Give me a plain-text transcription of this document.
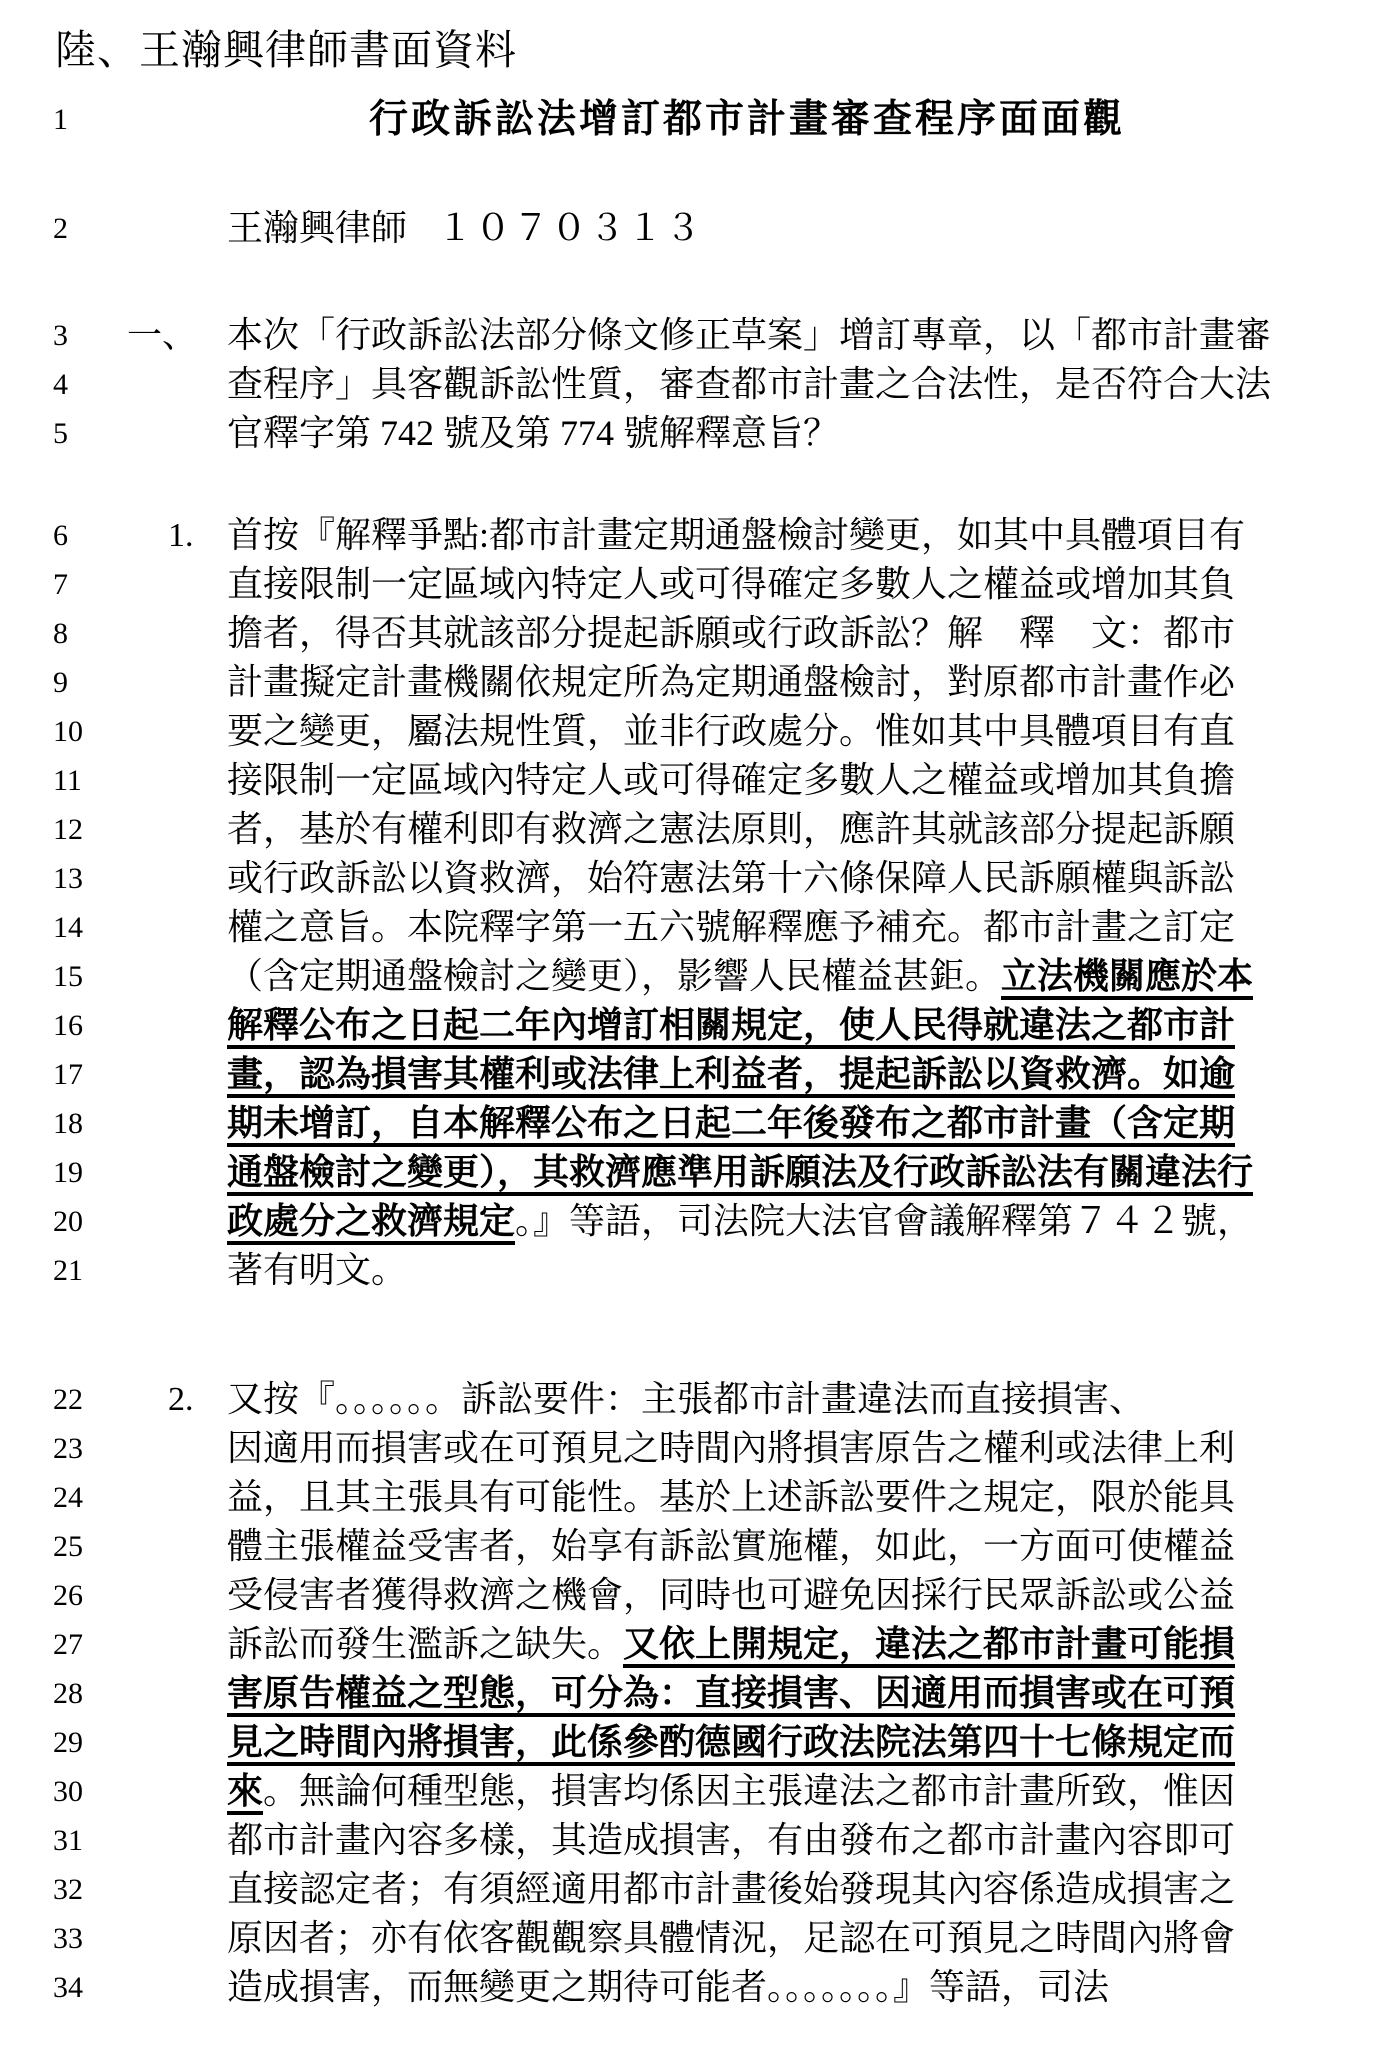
陸、王瀚興律師書面資料
1	行政訴訟法增訂都市計畫審查程序面面觀
2	王瀚興律師 １０７０３１３
3	一、 本次「行政訴訟法部分條文修正草案」增訂專章，以「都市計畫審
4	查程序」具客觀訴訟性質，審查都市計畫之合法性，是否符合大法
5	官釋字第 742 號及第 774 號解釋意旨？
6	1. 首按『解釋爭點:都市計畫定期通盤檢討變更，如其中具體項目有
7	直接限制一定區域內特定人或可得確定多數人之權益或增加其負
8	擔者，得否其就該部分提起訴願或行政訴訟？解　釋　文：都市
9	計畫擬定計畫機關依規定所為定期通盤檢討，對原都市計畫作必
10	要之變更，屬法規性質，並非行政處分。惟如其中具體項目有直
11	接限制一定區域內特定人或可得確定多數人之權益或增加其負擔
12	者，基於有權利即有救濟之憲法原則，應許其就該部分提起訴願
13	或行政訴訟以資救濟，始符憲法第十六條保障人民訴願權與訴訟
14	權之意旨。本院釋字第一五六號解釋應予補充。都市計畫之訂定
15	（含定期通盤檢討之變更），影響人民權益甚鉅。立法機關應於本
16	解釋公布之日起二年內增訂相關規定，使人民得就違法之都市計
17	畫，認為損害其權利或法律上利益者，提起訴訟以資救濟。如逾
18	期未增訂，自本解釋公布之日起二年後發布之都市計畫（含定期
19	通盤檢討之變更），其救濟應準用訴願法及行政訴訟法有關違法行
20	政處分之救濟規定。』等語，司法院大法官會議解釋第７４２號，
21	著有明文。
22	2. 又按『。。。。。。訴訟要件：主張都市計畫違法而直接損害、
23	因適用而損害或在可預見之時間內將損害原告之權利或法律上利
24	益，且其主張具有可能性。基於上述訴訟要件之規定，限於能具
25	體主張權益受害者，始享有訴訟實施權，如此，一方面可使權益
26	受侵害者獲得救濟之機會，同時也可避免因採行民眾訴訟或公益
27	訴訟而發生濫訴之缺失。又依上開規定，違法之都市計畫可能損
28	害原告權益之型態，可分為：直接損害、因適用而損害或在可預
29	見之時間內將損害，此係參酌德國行政法院法第四十七條規定而
30	來。無論何種型態，損害均係因主張違法之都市計畫所致，惟因
31	都市計畫內容多樣，其造成損害，有由發布之都市計畫內容即可
32	直接認定者；有須經適用都市計畫後始發現其內容係造成損害之
33	原因者；亦有依客觀觀察具體情況，足認在可預見之時間內將會
34	造成損害，而無變更之期待可能者。。。。。。。』等語，司法
